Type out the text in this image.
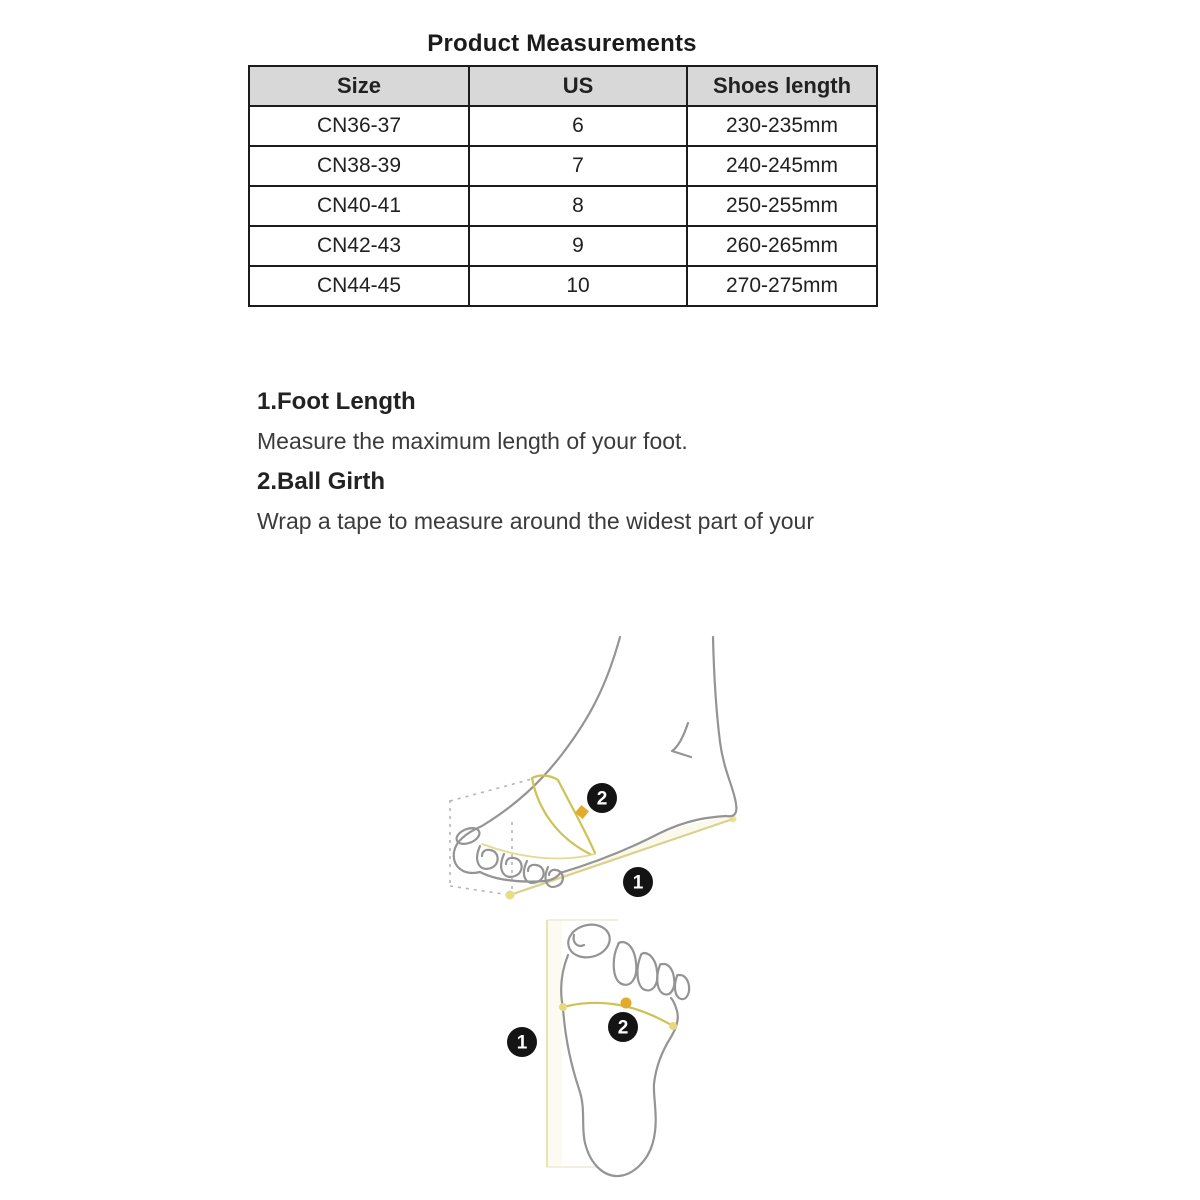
Product Measurements
Size	US	Shoes length
CN36-37	6	230-235mm
CN38-39	7	240-245mm
CN40-41	8	250-255mm
CN42-43	9	260-265mm
CN44-45	10	270-275mm
1.Foot Length
Measure the maximum length of your foot.
2.Ball Girth
Wrap a tape to measure around the widest part of your
2
1
1
2
